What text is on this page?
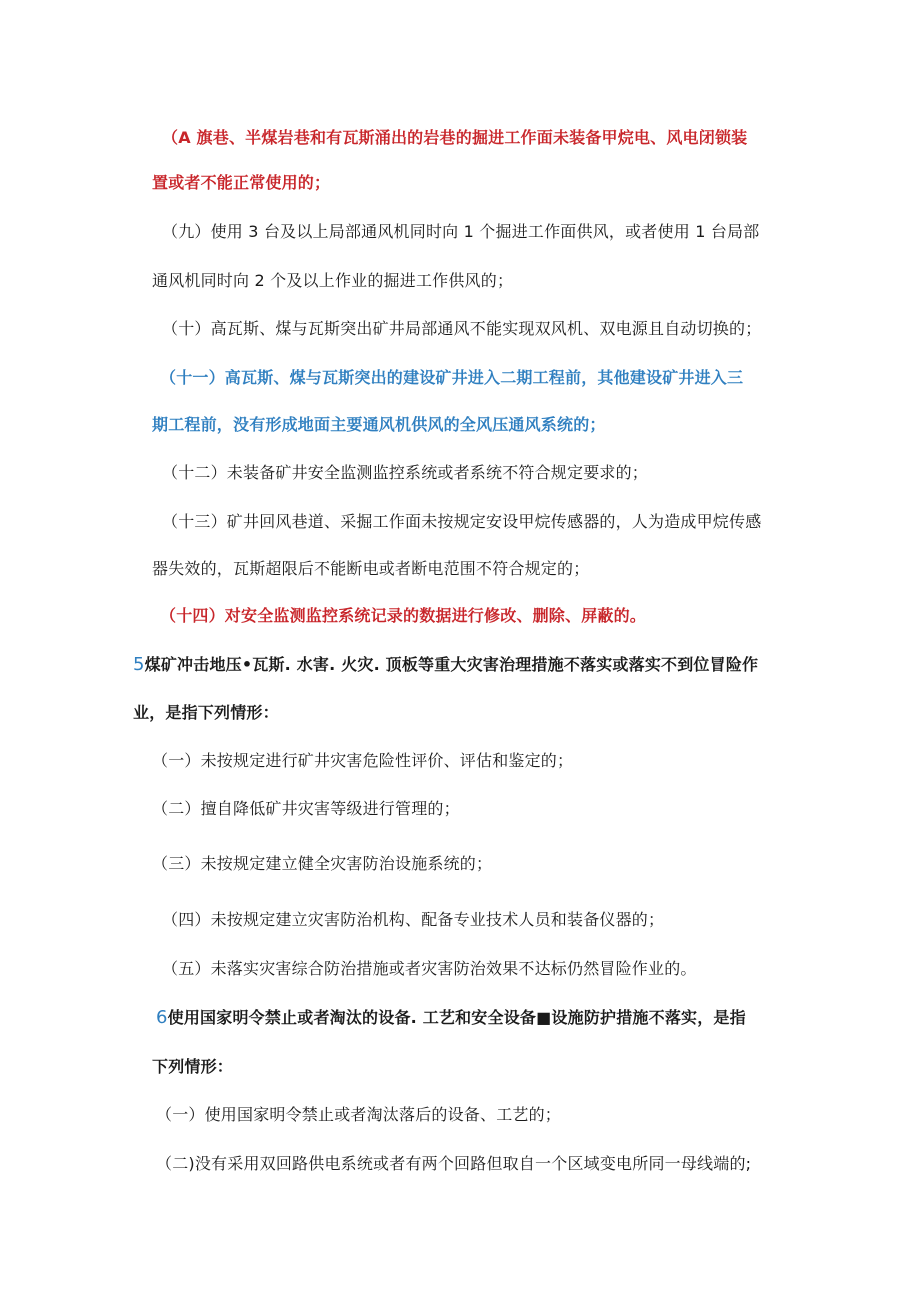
（A 旗巷、半煤岩巷和有瓦斯涌出的岩巷的掘进工作面未装备甲烷电、风电闭锁装
置或者不能正常使用的；
（九）使用 3 台及以上局部通风机同时向 1 个掘进工作面供风，或者使用 1 台局部
通风机同时向 2 个及以上作业的掘进工作供风的；
（十）高瓦斯、煤与瓦斯突出矿井局部通风不能实现双风机、双电源且自动切换的；
（十一）高瓦斯、煤与瓦斯突出的建设矿井进入二期工程前，其他建设矿井进入三
期工程前，没有形成地面主要通风机供风的全风压通风系统的；
（十二）未装备矿井安全监测监控系统或者系统不符合规定要求的；
（十三）矿井回风巷道、采掘工作面未按规定安设甲烷传感器的，人为造成甲烷传感
器失效的，瓦斯超限后不能断电或者断电范围不符合规定的；
（十四）对安全监测监控系统记录的数据进行修改、删除、屏蔽的。
5煤矿冲击地压•瓦斯. 水害. 火灾. 顶板等重大灾害治理措施不落实或落实不到位冒险作
业，是指下列情形：
（一）未按规定进行矿井灾害危险性评价、评估和鉴定的；
（二）擅自降低矿井灾害等级进行管理的；
（三）未按规定建立健全灾害防治设施系统的；
（四）未按规定建立灾害防治机构、配备专业技术人员和装备仪器的；
（五）未落实灾害综合防治措施或者灾害防治效果不达标仍然冒险作业的。
6使用国家明令禁止或者淘汰的设备. 工艺和安全设备■设施防护措施不落实，是指
下列情形：
（一）使用国家明令禁止或者淘汰落后的设备、工艺的；
（二)没有采用双回路供电系统或者有两个回路但取自一个区域变电所同一母线端的;
